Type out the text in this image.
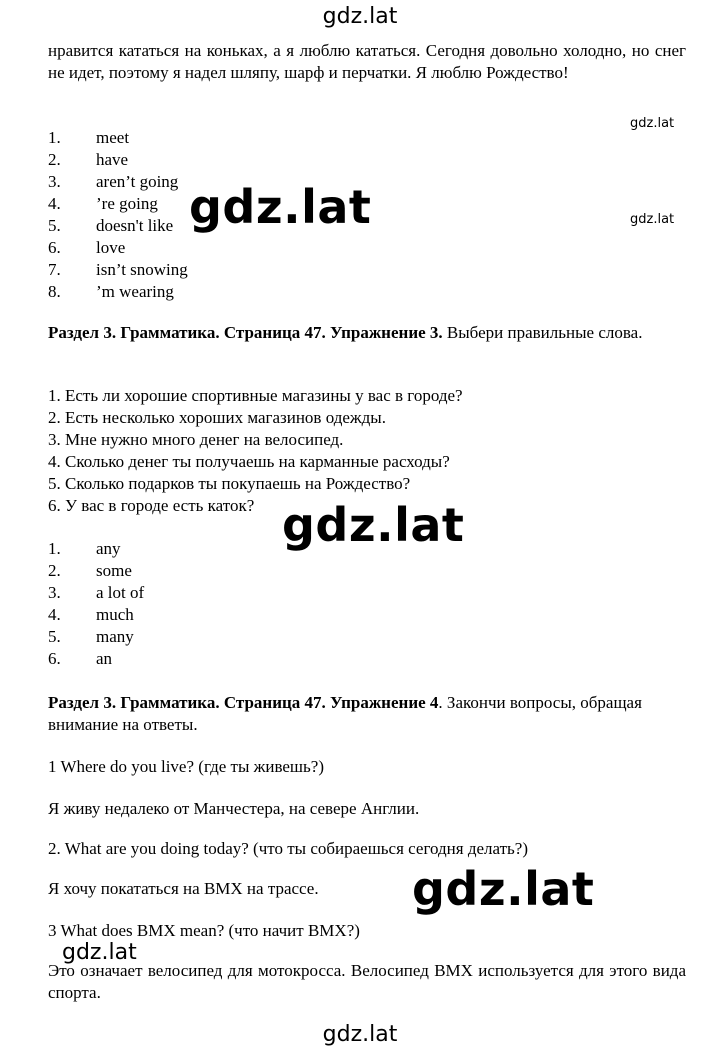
нравится кататься на коньках, а я люблю кататься. Сегодня довольно холодно, но снег не идет, поэтому я надел шляпу, шарф и перчатки. Я люблю Рождество!
1.	meet
2.	have
3.	aren’t going
4.	’re going
5.	doesn't like
6.	love
7.	isn’t snowing
8.	’m wearing
Раздел 3. Грамматика. Страница 47. Упражнение 3. Выбери правильные слова.
1. Есть ли хорошие спортивные магазины у вас в городе?
2. Есть несколько хороших магазинов одежды.
3. Мне нужно много денег на велосипед.
4. Сколько денег ты получаешь на карманные расходы?
5. Сколько подарков ты покупаешь на Рождество?
6. У вас в городе есть каток?
1.	any
2.	some
3.	a lot of
4.	much
5.	many
6.	an
Раздел 3. Грамматика. Страница 47. Упражнение 4. Закончи вопросы, обращая внимание на ответы.
1 Where do you live? (где ты живешь?)
Я живу недалеко от Манчестера, на севере Англии.
2. What are you doing today? (что ты собираешься сегодня делать?)
Я хочу покататься на BMX на трассе.
3 What does BMX mean? (что начит BMX?)
Это означает велосипед для мотокросса. Велосипед BMX используется для этого вида спорта.
gdz.lat
gdz.lat
gdz.lat
gdz.lat
gdz.lat
gdz.lat
gdz.lat
gdz.lat
